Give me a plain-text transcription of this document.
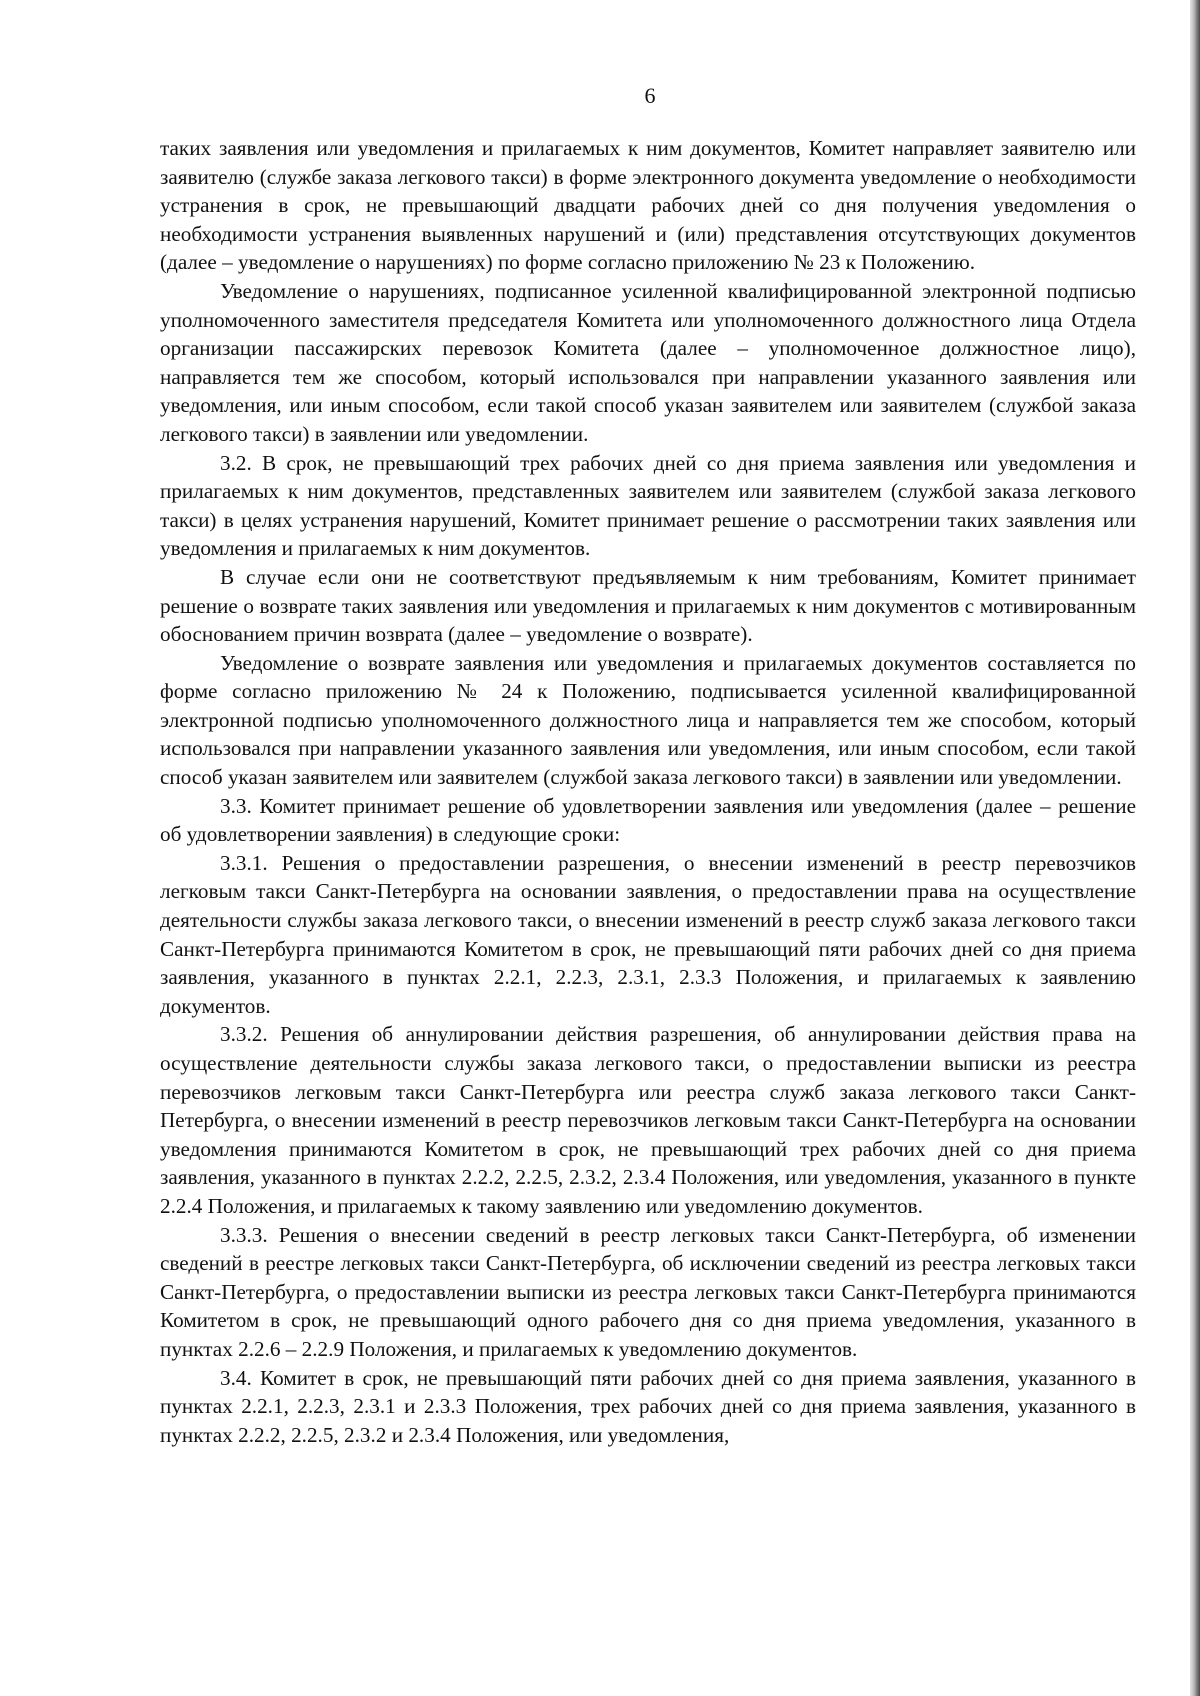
6

таких заявления или уведомления и прилагаемых к ним документов, Комитет направляет заявителю или заявителю (службе заказа легкового такси) в форме электронного документа уведомление о необходимости устранения в срок, не превышающий двадцати рабочих дней со дня получения уведомления о необходимости устранения выявленных нарушений и (или) представления отсутствующих документов (далее – уведомление о нарушениях) по форме согласно приложению № 23 к Положению.

Уведомление о нарушениях, подписанное усиленной квалифицированной электронной подписью уполномоченного заместителя председателя Комитета или уполномоченного должностного лица Отдела организации пассажирских перевозок Комитета (далее – уполномоченное должностное лицо), направляется тем же способом, который использовался при направлении указанного заявления или уведомления, или иным способом, если такой способ указан заявителем или заявителем (службой заказа легкового такси) в заявлении или уведомлении.

3.2. В срок, не превышающий трех рабочих дней со дня приема заявления или уведомления и прилагаемых к ним документов, представленных заявителем или заявителем (службой заказа легкового такси) в целях устранения нарушений, Комитет принимает решение о рассмотрении таких заявления или уведомления и прилагаемых к ним документов.

В случае если они не соответствуют предъявляемым к ним требованиям, Комитет принимает решение о возврате таких заявления или уведомления и прилагаемых к ним документов с мотивированным обоснованием причин возврата (далее – уведомление о возврате).

Уведомление о возврате заявления или уведомления и прилагаемых документов составляется по форме согласно приложению № 24 к Положению, подписывается усиленной квалифицированной электронной подписью уполномоченного должностного лица и направляется тем же способом, который использовался при направлении указанного заявления или уведомления, или иным способом, если такой способ указан заявителем или заявителем (службой заказа легкового такси) в заявлении или уведомлении.

3.3. Комитет принимает решение об удовлетворении заявления или уведомления (далее – решение об удовлетворении заявления) в следующие сроки:

3.3.1. Решения о предоставлении разрешения, о внесении изменений в реестр перевозчиков легковым такси Санкт-Петербурга на основании заявления, о предоставлении права на осуществление деятельности службы заказа легкового такси, о внесении изменений в реестр служб заказа легкового такси Санкт-Петербурга принимаются Комитетом в срок, не превышающий пяти рабочих дней со дня приема заявления, указанного в пунктах 2.2.1, 2.2.3, 2.3.1, 2.3.3 Положения, и прилагаемых к заявлению документов.

3.3.2. Решения об аннулировании действия разрешения, об аннулировании действия права на осуществление деятельности службы заказа легкового такси, о предоставлении выписки из реестра перевозчиков легковым такси Санкт-Петербурга или реестра служб заказа легкового такси Санкт-Петербурга, о внесении изменений в реестр перевозчиков легковым такси Санкт-Петербурга на основании уведомления принимаются Комитетом в срок, не превышающий трех рабочих дней со дня приема заявления, указанного в пунктах 2.2.2, 2.2.5, 2.3.2, 2.3.4 Положения, или уведомления, указанного в пункте 2.2.4 Положения, и прилагаемых к такому заявлению или уведомлению документов.

3.3.3. Решения о внесении сведений в реестр легковых такси Санкт-Петербурга, об изменении сведений в реестре легковых такси Санкт-Петербурга, об исключении сведений из реестра легковых такси Санкт-Петербурга, о предоставлении выписки из реестра легковых такси Санкт-Петербурга принимаются Комитетом в срок, не превышающий одного рабочего дня со дня приема уведомления, указанного в пунктах 2.2.6 – 2.2.9 Положения, и прилагаемых к уведомлению документов.

3.4. Комитет в срок, не превышающий пяти рабочих дней со дня приема заявления, указанного в пунктах 2.2.1, 2.2.3, 2.3.1 и 2.3.3 Положения, трех рабочих дней со дня приема заявления, указанного в пунктах 2.2.2, 2.2.5, 2.3.2 и 2.3.4 Положения, или уведомления,
